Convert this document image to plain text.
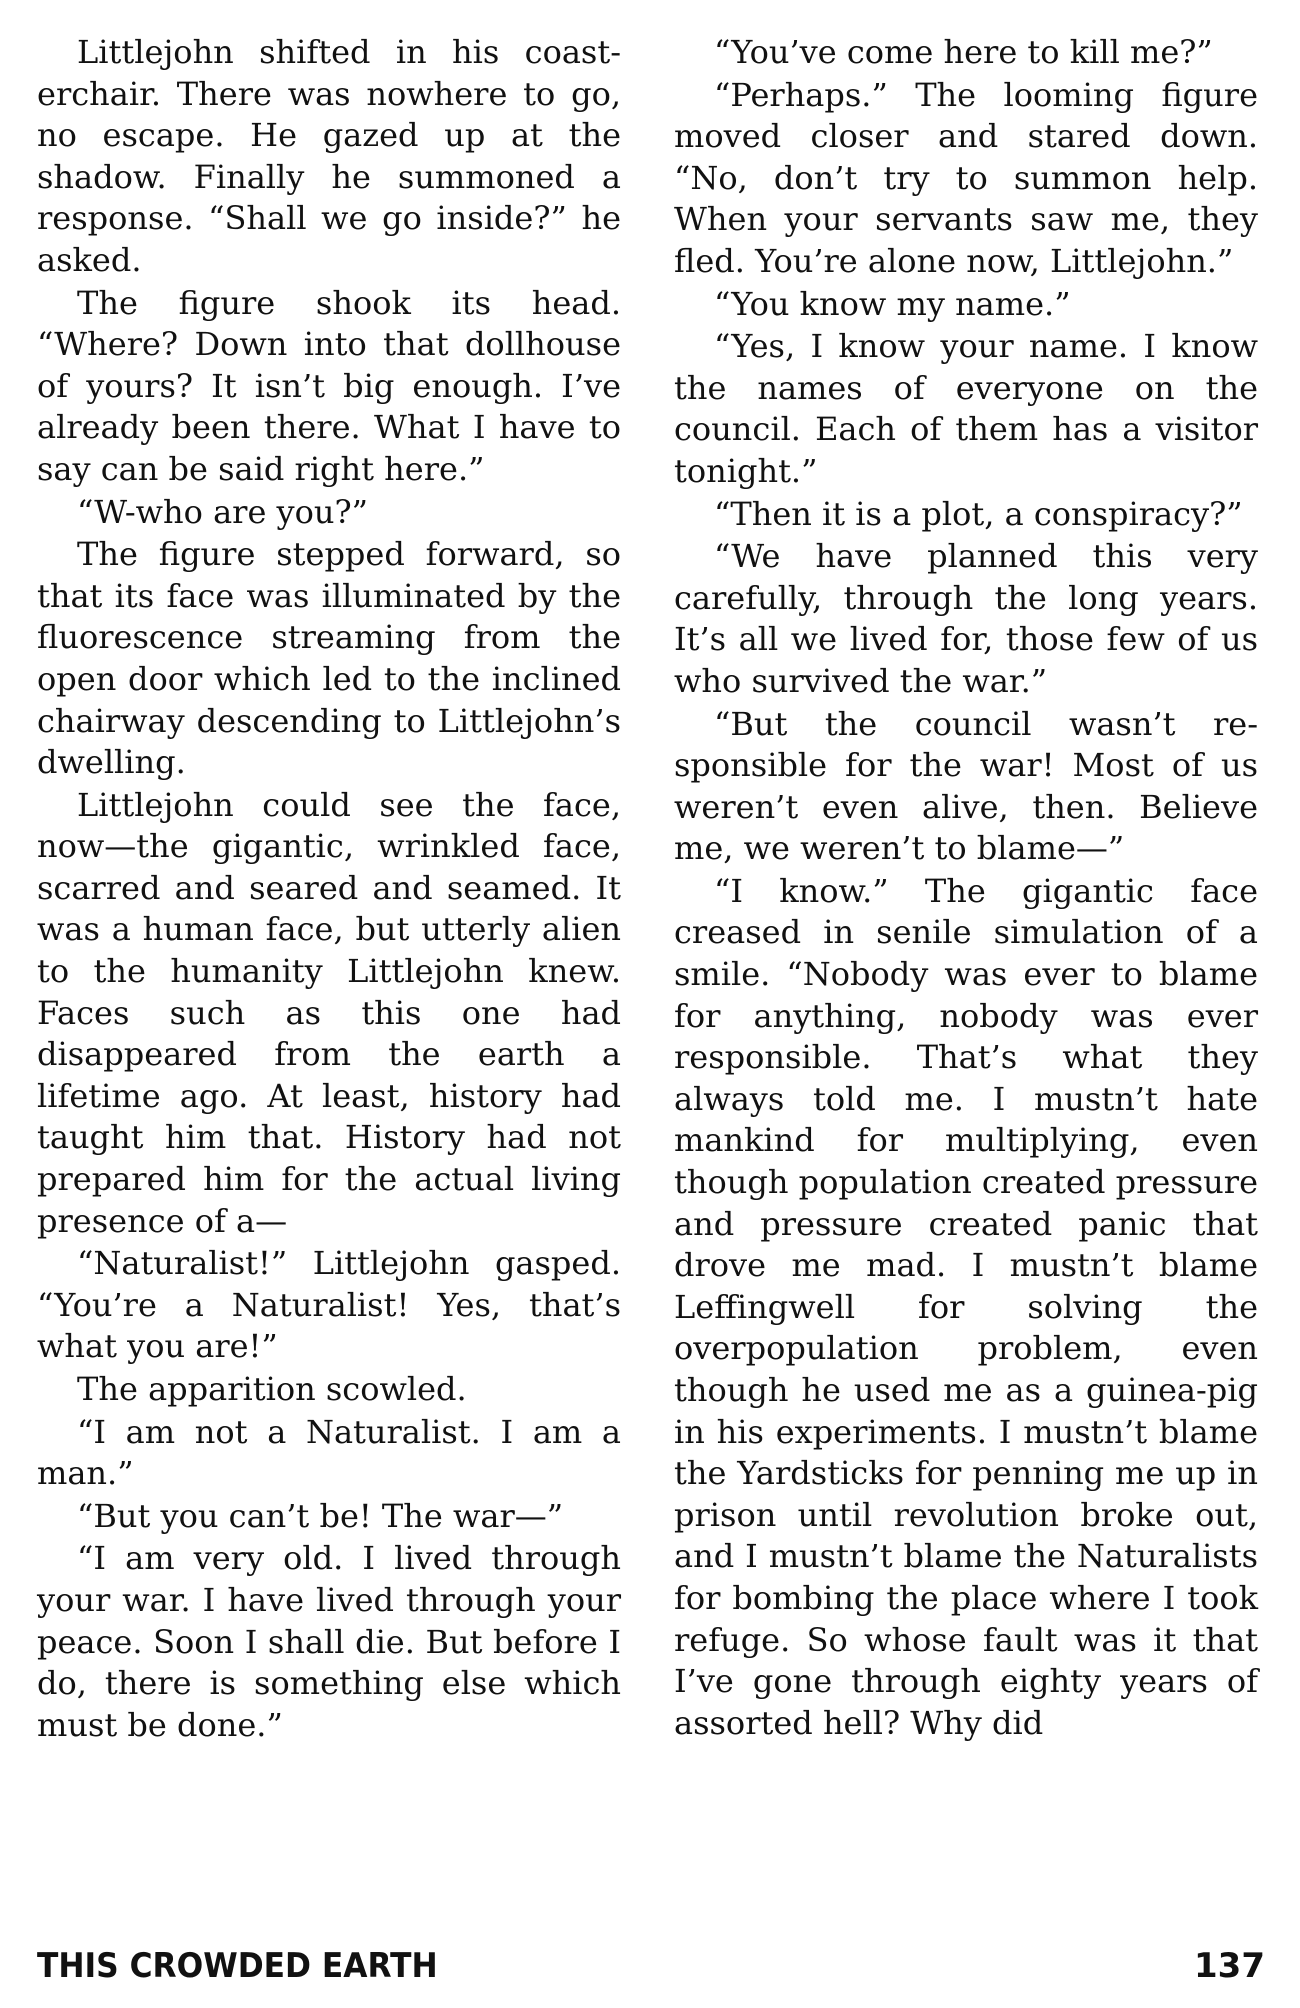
Littlejohn shifted in his coasterchair. There was nowhere to go, no escape. He gazed up at the shadow. Finally he summoned a response. “Shall we go inside?” he asked.

The figure shook its head. “Where? Down into that dollhouse of yours? It isn’t big enough. I’ve already been there. What I have to say can be said right here.”

“W-who are you?”

The figure stepped forward, so that its face was illuminated by the fluorescence streaming from the open door which led to the inclined chairway descending to Littlejohn’s dwelling.

Littlejohn could see the face, now—the gigantic, wrinkled face, scarred and seared and seamed. It was a human face, but utterly alien to the humanity Littlejohn knew. Faces such as this one had disappeared from the earth a lifetime ago. At least, history had taught him that. History had not prepared him for the actual living presence of a—

“Naturalist!” Littlejohn gasped. “You’re a Naturalist! Yes, that’s what you are!”

The apparition scowled.

“I am not a Naturalist. I am a man.”

“But you can’t be! The war—”

“I am very old. I lived through your war. I have lived through your peace. Soon I shall die. But before I do, there is something else which must be done.”

“You’ve come here to kill me?”

“Perhaps.” The looming figure moved closer and stared down. “No, don’t try to summon help. When your servants saw me, they fled. You’re alone now, Littlejohn.”

“You know my name.”

“Yes, I know your name. I know the names of everyone on the council. Each of them has a visitor tonight.”

“Then it is a plot, a conspiracy?”

“We have planned this very carefully, through the long years. It’s all we lived for, those few of us who survived the war.”

“But the council wasn’t responsible for the war! Most of us weren’t even alive, then. Believe me, we weren’t to blame—”

“I know.” The gigantic face creased in senile simulation of a smile. “Nobody was ever to blame for anything, nobody was ever responsible. That’s what they always told me. I mustn’t hate mankind for multiplying, even though population created pressure and pressure created panic that drove me mad. I mustn’t blame Leffingwell for solving the overpopulation problem, even though he used me as a guinea-pig in his experiments. I mustn’t blame the Yardsticks for penning me up in prison until revolution broke out, and I mustn’t blame the Naturalists for bombing the place where I took refuge. So whose fault was it that I’ve gone through eighty years of assorted hell? Why did

THIS CROWDED EARTH	137
